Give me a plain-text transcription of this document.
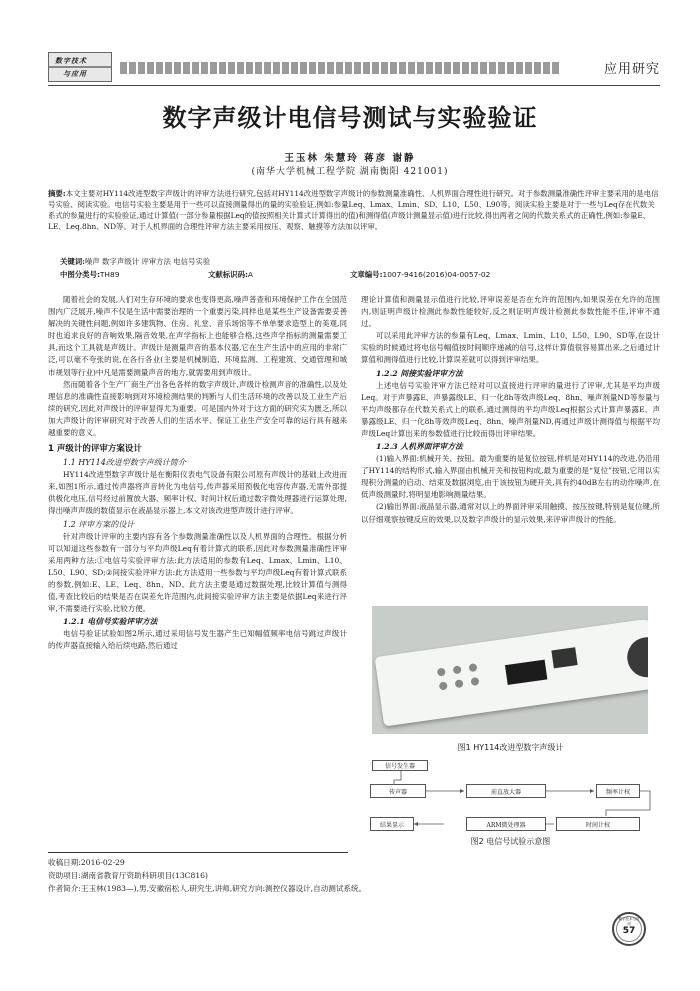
数字技术
与应用	应用研究
数字声级计电信号测试与实验验证
王玉林 朱慧玲 蒋彦 谢静
(南华大学机械工程学院 湖南衡阳 421001)
摘要:本文主要对HY114改进型数字声级计的评审方法进行研究,包括对HY114改进型数字声级计的参数测量准确性、人机界面合理性进行研究。对于参数测量准确性评审主要采用的是电信号实验、阅读实验。电信号实验主要是用于一些可以直接测量得出的量的实验验证,例如:参量Leq、Lmax、Lmin、SD、L10、L50、L90等。阅读实验主要是对于一些与Leq存在代数关系式的参量进行的实验验证,通过计算值(一部分参量根据Leq的值按照相关计算式计算得出的值)和测得值(声级计测量显示值)进行比较,得出两者之间的代数关系式的正确性,例如:参量E、LE、Leq.8hn、ND等。对于人机界面的合理性评审方法主要采用按压、观察、触摸等方法加以评审。
关键词:噪声 数字声级计 评审方法 电信号实验
中图分类号:TH89	文献标识码:A	文章编号:1007-9416(2016)04-0057-02

随着社会的发展,人们对生存环境的要求也变得更高,噪声普查和环境保护工作在全国范围内广泛展开,噪声不仅是生活中需要治理的一个重要污染,同样也是某些生产设备需要妥善解决的关键性问题,例如许多建筑物、住房、礼堂、音乐场馆等不单单要求造型上的美观,同时也追求良好的音响效果,隔音效果,在声学指标上也能够合格,这些声学指标的测量需要工具,而这个工具就是声级计。声级计是测量声音的基本仪器,它在生产生活中的应用的非常广泛,可以毫不夸张的说,在各行各业(主要是机械制造、环境监测、工程建筑、交通管理和城市规划等行业)中凡是需要测量声音的地方,就需要用到声级计。

然而随着各个生产厂商生产出各色各样的数字声级计,声级计检测声音的准确性,以及处理信息的准确性直接影响到对环境检测结果的判断与人们生活环境的改善以及工业生产后续的研究,因此对声级计的评审显得尤为重要。可是国内外对于这方面的研究实为匮乏,所以加大声级计的评审研究对于改善人们的生活水平、保证工业生产安全可靠的运行具有越来越重要的意义。

1 声级计的评审方案设计
1.1 HY114改进型数字声级计简介

HY114改进型数字声级计是在衡阳仪表电气设备有限公司原有声级计的基础上改进而来,如图1所示,通过传声器将声音转化为电信号,传声器采用预极化电容传声器,无需外部提供极化电压,信号经过前置放大器、频率计权、时间计权后通过数字微处理器进行运算处理,得出噪声声级的数值显示在液晶显示器上,本文对该改进型声级计进行评审。

1.2 评审方案的设计

针对声级计评审的主要内容有各个参数测量准确性以及人机界面的合理性。根据分析可以知道这些参数有一部分与平均声级Leq有着计算式的联系,因此对参数测量准确性评审采用两种方法:①电信号实验评审方法:此方法适用的参数有Leq、Lmax、Lmin、L10、L50、L90、SD;②间接实验评审方法:此方法适用一些参数与平均声级Leq有着计算式联系的参数,例如:E、LE、Leq、8hn、ND。此方法主要是通过数据处理,比较计算值与测得值,考查比较后的结果是否在误差允许范围内,此间接实验评审方法主要是依据Leq来进行评审,不需要进行实验,比较方便。

1.2.1 电信号实验评审方法

电信号验证试验如图2所示,通过采用信号发生器产生已知幅值频率电信号跳过声级计的传声器直接输入给后续电路,然后通过

理论计算值和测量显示值进行比较,评审误差是否在允许的范围内,如果误差在允许的范围内,则证明声级计检测此参数性能较好,反之则证明声级计检测此参数性能不佳,评审不通过。

可以采用此评审方法的参量有Leq、Lmax、Lmin、L10、L50、L90、SD等,在设计实验的时候通过将电信号幅值按时间顺序递减的信号,这样计算值很容易算出来,之后通过计算值和测得值进行比较,计算误差就可以得到评审结果。

1.2.2 间接实验评审方法

上述电信号实验评审方法已经对可以直接进行评审的量进行了评审,尤其是平均声级Leq。对于声暴露E、声暴露级LE、归一化8h等效声级Leq、8hn、噪声剂量ND等参量与平均声级都存在代数关系式上的联系,通过测得的平均声级Leq根据公式计算声暴露E、声暴露级LE、归一化8h等效声级Leq、8hn、噪声剂量ND,再通过声级计测得值与根据平均声级Leq计算出来的参数值进行比较而得出评审结果。

1.2.3 人机界面评审方法

(1)输入界面:机械开关、按钮。最为重要的是复位按钮,样机是对HY114的改进,仍沿用了HY114的结构形式,输入界面由机械开关和按钮构成,最为重要的是“复位”按钮,它用以实现积分测量的启动、结束及数据浏览,由于该按钮为硬开关,具有约40dB左右的动作噪声,在低声级测量时,将明显地影响测量结果。

(2)输出界面:液晶显示器,通常对以上的界面评审采用触摸、按压按键,特别是复位键,所以仔细观察按键反应的效果,以及数字声级计的显示效果,来评审声级计的性能。

图1 HY114改进型数字声级计
信号发生器
传声器	前直放大器	频率计权
结果显示	ARM微处理器	时间计权
图2 电信号试验示意图
收稿日期:2016-02-29
资助项目:湖南省教育厅资助科研项目(13C816)
作者简介:王玉林(1983—),男,安徽宿松人,研究生,讲师,研究方向:测控仪器设计,自动测试系统。
数字技术与应用
57
